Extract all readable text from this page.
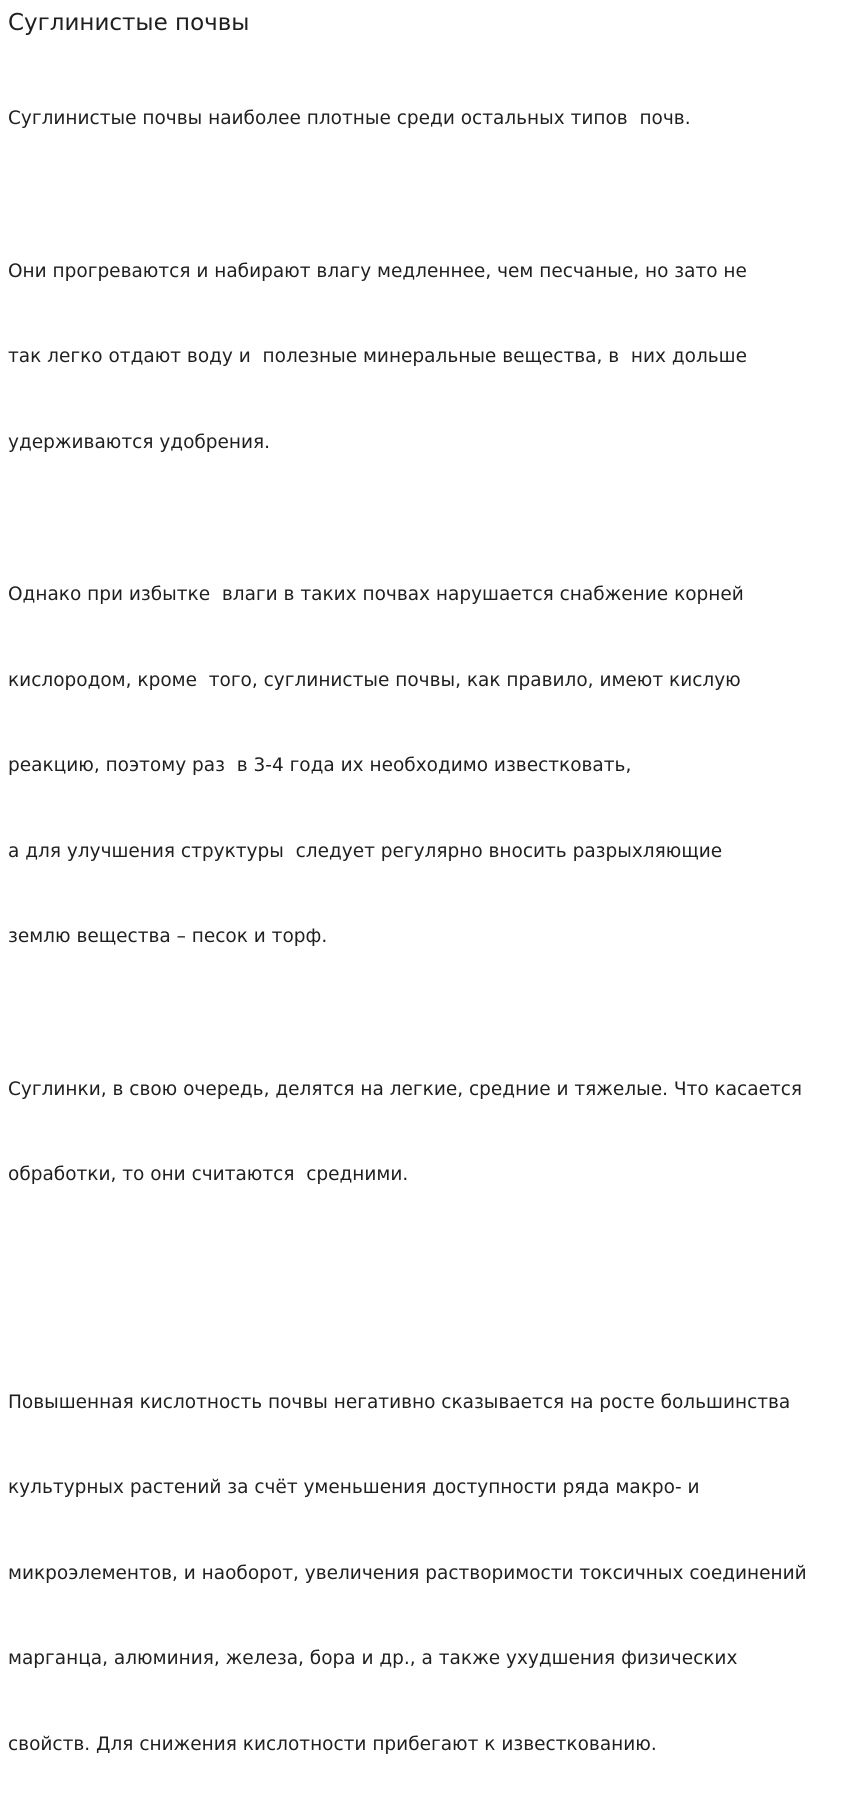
Суглинистые почвы

Суглинистые почвы наиболее плотные среди остальных типов  почв.

Они прогреваются и набирают влагу медленнее, чем песчаные, но зато не

так легко отдают воду и  полезные минеральные вещества, в  них дольше

удерживаются удобрения.

Однако при избытке  влаги в таких почвах нарушается снабжение корней

кислородом, кроме  того, суглинистые почвы, как правило, имеют кислую

реакцию, поэтому раз  в 3-4 года их необходимо известковать,

а для улучшения структуры  следует регулярно вносить разрыхляющие

землю вещества – песок и торф.

Суглинки, в свою очередь, делятся на легкие, средние и тяжелые. Что касается

обработки, то они считаются  средними.

Повышенная кислотность почвы негативно сказывается на росте большинства

культурных растений за счёт уменьшения доступности ряда макро- и

микроэлементов, и наоборот, увеличения растворимости токсичных соединений

марганца, алюминия, железа, бора и др., а также ухудшения физических

свойств. Для снижения кислотности прибегают к известкованию.
